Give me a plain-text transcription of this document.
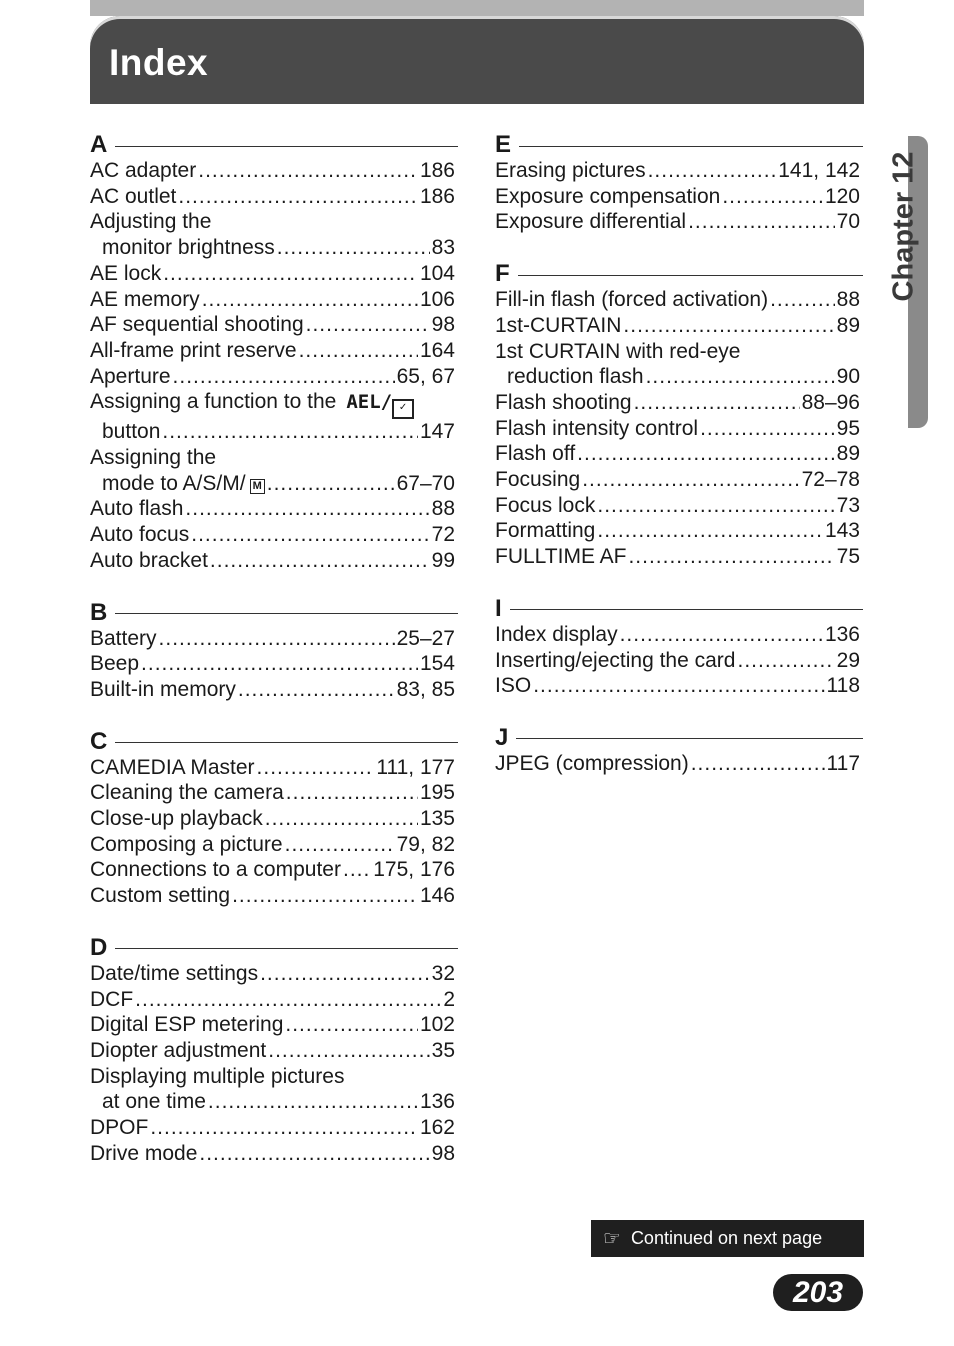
Index
Chapter 12
A
AC adapter .....	186
AC outlet .....	186
Adjusting the
monitor brightness .....	83
AE lock .....	104
AE memory .....	106
AF sequential shooting .....	98
All-frame print reserve .....	164
Aperture .....	65, 67
Assigning a function to the AEL/ ✓
button .....	147
Assigning the
mode to A/S/M/ M .....	67–70
Auto flash .....	88
Auto focus .....	72
Auto bracket .....	99
B
Battery .....	25–27
Beep .....	154
Built-in memory .....	83, 85
C
CAMEDIA Master .....	111, 177
Cleaning the camera .....	195
Close-up playback .....	135
Composing a picture .....	79, 82
Connections to a computer ..... 175, 176
Custom setting .....	146
D
Date/time settings .....	32
DCF .....	2
Digital ESP metering .....	102
Diopter adjustment .....	35
Displaying multiple pictures
at one time .....	136
DPOF .....	162
Drive mode .....	98
E
Erasing pictures .....	141, 142
Exposure compensation .....	120
Exposure differential .....	70
F
Fill-in flash (forced activation) .....	88
1st-CURTAIN .....	89
1st CURTAIN with red-eye
reduction flash .....	90
Flash shooting .....	88–96
Flash intensity control .....	95
Flash off .....	89
Focusing .....	72–78
Focus lock .....	73
Formatting .....	143
FULLTIME AF .....	75
I
Index display .....	136
Inserting/ejecting the card .....	29
ISO .....	118
J
JPEG (compression) .....	117
☞ Continued on next page
203
